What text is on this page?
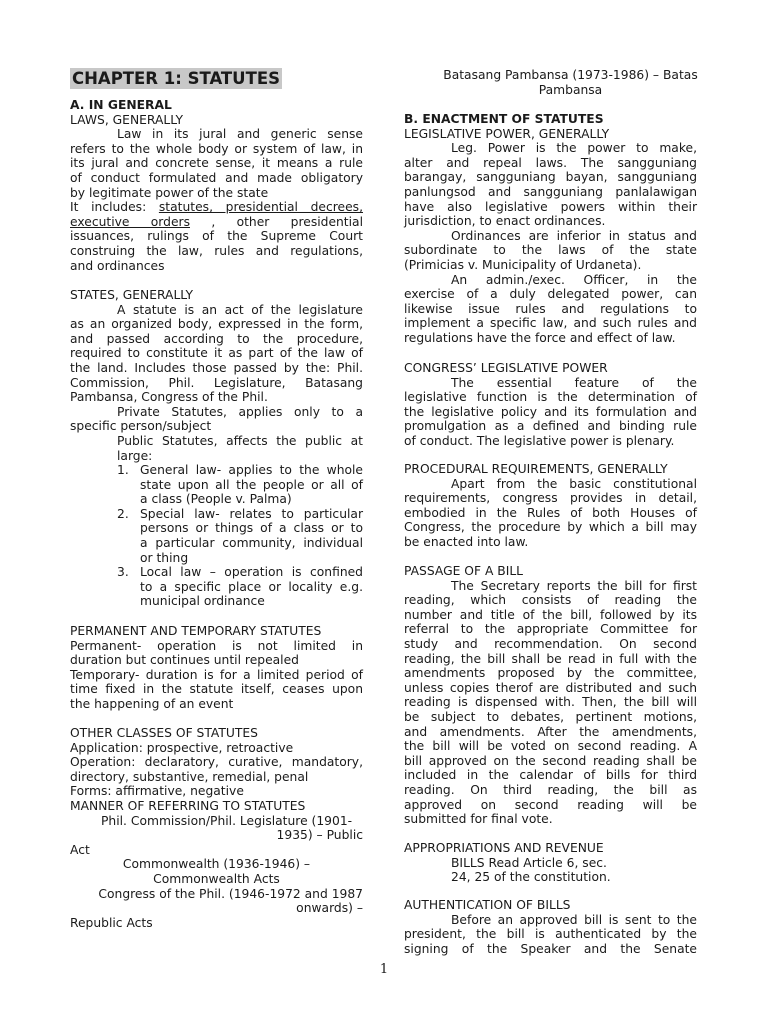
CHAPTER 1: STATUTES
A. IN GENERAL
LAWS, GENERALLY
Law in its jural and generic sense
refers to the whole body or system of law, in
its jural and concrete sense, it means a rule
of conduct formulated and made obligatory
by legitimate power of the state
It includes: statutes, presidential decrees,
executive orders , other presidential
issuances, rulings of the Supreme Court
construing the law, rules and regulations,
and ordinances
STATES, GENERALLY
A statute is an act of the legislature
as an organized body, expressed in the form,
and passed according to the procedure,
required to constitute it as part of the law of
the land. Includes those passed by the: Phil.
Commission, Phil. Legislature, Batasang
Pambansa, Congress of the Phil.
Private Statutes, applies only to a
specific person/subject
Public Statutes, affects the public at
large:
1. General law- applies to the whole
state upon all the people or all of
a class (People v. Palma)
2. Special law- relates to particular
persons or things of a class or to
a particular community, individual
or thing
3. Local law – operation is confined
to a specific place or locality e.g.
municipal ordinance
PERMANENT AND TEMPORARY STATUTES
Permanent- operation is not limited in
duration but continues until repealed
Temporary- duration is for a limited period of
time fixed in the statute itself, ceases upon
the happening of an event
OTHER CLASSES OF STATUTES
Application: prospective, retroactive
Operation: declaratory, curative, mandatory,
directory, substantive, remedial, penal
Forms: affirmative, negative
MANNER OF REFERRING TO STATUTES
Phil. Commission/Phil. Legislature (1901-
1935) – Public
Act
Commonwealth (1936-1946) –
Commonwealth Acts
Congress of the Phil. (1946-1972 and 1987
onwards) –
Republic Acts
Batasang Pambansa (1973-1986) – Batas
Pambansa
B. ENACTMENT OF STATUTES
LEGISLATIVE POWER, GENERALLY
Leg. Power is the power to make,
alter and repeal laws. The sangguniang
barangay, sangguniang bayan, sangguniang
panlungsod and sangguniang panlalawigan
have also legislative powers within their
jurisdiction, to enact ordinances.
Ordinances are inferior in status and
subordinate to the laws of the state
(Primicias v. Municipality of Urdaneta).
An admin./exec. Officer, in the
exercise of a duly delegated power, can
likewise issue rules and regulations to
implement a specific law, and such rules and
regulations have the force and effect of law.
CONGRESS’ LEGISLATIVE POWER
The essential feature of the
legislative function is the determination of
the legislative policy and its formulation and
promulgation as a defined and binding rule
of conduct. The legislative power is plenary.
PROCEDURAL REQUIREMENTS, GENERALLY
Apart from the basic constitutional
requirements, congress provides in detail,
embodied in the Rules of both Houses of
Congress, the procedure by which a bill may
be enacted into law.
PASSAGE OF A BILL
The Secretary reports the bill for first
reading, which consists of reading the
number and title of the bill, followed by its
referral to the appropriate Committee for
study and recommendation. On second
reading, the bill shall be read in full with the
amendments proposed by the committee,
unless copies therof are distributed and such
reading is dispensed with. Then, the bill will
be subject to debates, pertinent motions,
and amendments. After the amendments,
the bill will be voted on second reading. A
bill approved on the second reading shall be
included in the calendar of bills for third
reading. On third reading, the bill as
approved on second reading will be
submitted for final vote.
APPROPRIATIONS AND REVENUE
BILLS Read Article 6, sec.
24, 25 of the constitution.
AUTHENTICATION OF BILLS
Before an approved bill is sent to the
president, the bill is authenticated by the
signing of the Speaker and the Senate
1
